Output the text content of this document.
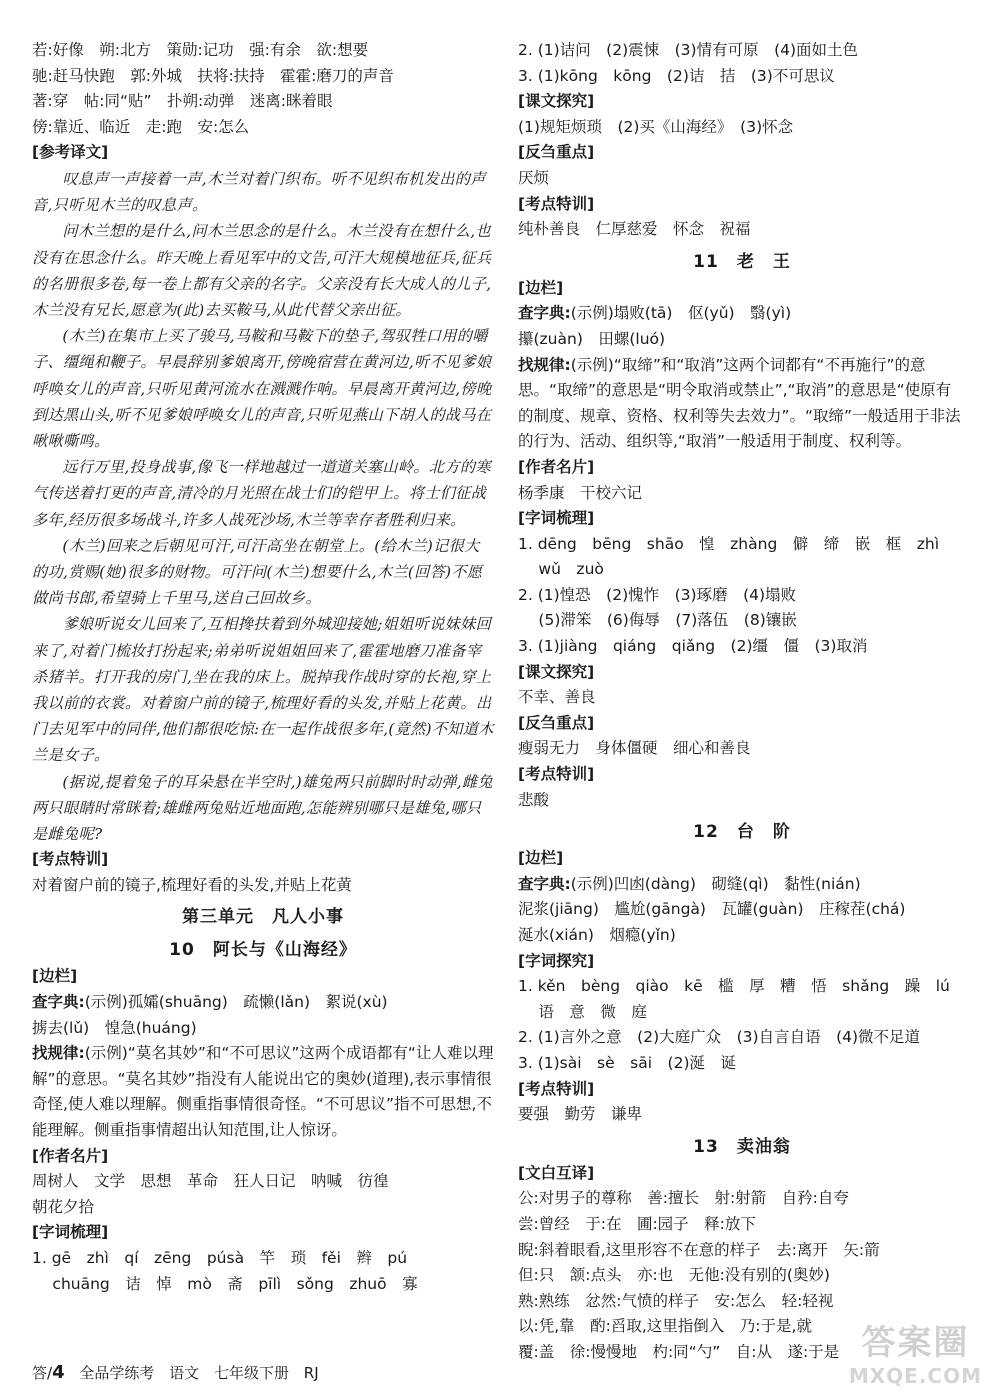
若:好像　朔:北方　策勋:记功　强:有余　欲:想要
驰:赶马快跑　郭:外城　扶将:扶持　霍霍:磨刀的声音
著:穿　帖:同“贴”　扑朔:动弹　迷离:眯着眼
傍:靠近、临近　走:跑　安:怎么
[参考译文]
叹息声一声接着一声,木兰对着门织布。听不见织布机发出的声音,只听见木兰的叹息声。
问木兰想的是什么,问木兰思念的是什么。木兰没有在想什么,也没有在思念什么。昨天晚上看见军中的文告,可汗大规模地征兵,征兵的名册很多卷,每一卷上都有父亲的名字。父亲没有长大成人的儿子,木兰没有兄长,愿意为(此)去买鞍马,从此代替父亲出征。
(木兰)在集市上买了骏马,马鞍和马鞍下的垫子,驾驭牲口用的嚼子、缰绳和鞭子。早晨辞别爹娘离开,傍晚宿营在黄河边,听不见爹娘呼唤女儿的声音,只听见黄河流水在溅溅作响。早晨离开黄河边,傍晚到达黑山头,听不见爹娘呼唤女儿的声音,只听见燕山下胡人的战马在啾啾嘶鸣。
远行万里,投身战事,像飞一样地越过一道道关塞山岭。北方的寒气传送着打更的声音,清冷的月光照在战士们的铠甲上。将士们征战多年,经历很多场战斗,许多人战死沙场,木兰等幸存者胜利归来。
(木兰)回来之后朝见可汗,可汗高坐在朝堂上。(给木兰)记很大的功,赏赐(她)很多的财物。可汗问(木兰)想要什么,木兰(回答)不愿做尚书郎,希望骑上千里马,送自己回故乡。
爹娘听说女儿回来了,互相搀扶着到外城迎接她;姐姐听说妹妹回来了,对着门梳妆打扮起来;弟弟听说姐姐回来了,霍霍地磨刀准备宰杀猪羊。打开我的房门,坐在我的床上。脱掉我作战时穿的长袍,穿上我以前的衣裳。对着窗户前的镜子,梳理好看的头发,并贴上花黄。出门去见军中的同伴,他们都很吃惊:在一起作战很多年,(竟然)不知道木兰是女子。
(据说,提着兔子的耳朵悬在半空时,)雄兔两只前脚时时动弹,雌兔两只眼睛时常眯着;雄雌两兔贴近地面跑,怎能辨别哪只是雄兔,哪只是雌兔呢?
[考点特训]
对着窗户前的镜子,梳理好看的头发,并贴上花黄
第三单元　凡人小事
10　阿长与《山海经》
[边栏]
查字典:(示例)孤孀(shuāng)　疏懒(lǎn)　絮说(xù)
掳去(lǔ)　惶急(huáng)
找规律:(示例)“莫名其妙”和“不可思议”这两个成语都有“让人难以理解”的意思。“莫名其妙”指没有人能说出它的奥妙(道理),表示事情很奇怪,使人难以理解。侧重指事情很奇怪。“不可思议”指不可思想,不能理解。侧重指事情超出认知范围,让人惊讶。
[作者名片]
周树人　文学　思想　革命　狂人日记　呐喊　彷徨
朝花夕拾
[字词梳理]
1. gē　zhì　qí　zēng　púsà　竿　琐　fěi　辫　pú
　 chuāng　诘　悼　mò　斋　pīlì　sǒng　zhuō　寡
2. (1)诘问　(2)震悚　(3)情有可原　(4)面如土色
3. (1)kōng　kōng　(2)诘　拮　(3)不可思议
[课文探究]
(1)规矩烦琐　(2)买《山海经》　(3)怀念
[反刍重点]
厌烦
[考点特训]
纯朴善良　仁厚慈爱　怀念　祝福
11　老　王
[边栏]
查字典:(示例)塌败(tā)　伛(yǔ)　翳(yì)
攥(zuàn)　田螺(luó)
找规律:(示例)“取缔”和“取消”这两个词都有“不再施行”的意思。“取缔”的意思是“明令取消或禁止”,“取消”的意思是“使原有的制度、规章、资格、权利等失去效力”。“取缔”一般适用于非法的行为、活动、组织等,“取消”一般适用于制度、权利等。
[作者名片]
杨季康　干校六记
[字词梳理]
1. dēng　bēng　shāo　惶　zhàng　僻　缔　嵌　框　zhì
　 wǔ　zuò
2. (1)惶恐　(2)愧怍　(3)琢磨　(4)塌败
　 (5)滞笨　(6)侮辱　(7)落伍　(8)镶嵌
3. (1)jiàng　qiáng　qiǎng　(2)缰　僵　(3)取消
[课文探究]
不幸、善良
[反刍重点]
瘦弱无力　身体僵硬　细心和善良
[考点特训]
悲酸
12　台　阶
[边栏]
查字典:(示例)凹凼(dàng)　砌缝(qì)　黏性(nián)
泥浆(jiāng)　尴尬(gāngà)　瓦罐(guàn)　庄稼茬(chá)
涎水(xián)　烟瘾(yǐn)
[字词探究]
1. kěn　bèng　qiào　kē　槛　厚　糟　悟　shǎng　躁　lú
　 语　意　微　庭
2. (1)言外之意　(2)大庭广众　(3)自言自语　(4)微不足道
3. (1)sài　sè　sāi　(2)涎　诞
[考点特训]
要强　勤劳　谦卑
13　卖油翁
[文白互译]
公:对男子的尊称　善:擅长　射:射箭　自矜:自夸
尝:曾经　于:在　圃:园子　释:放下
睨:斜着眼看,这里形容不在意的样子　去:离开　矢:箭
但:只　颔:点头　亦:也　无他:没有别的(奥妙)
熟:熟练　忿然:气愤的样子　安:怎么　轻:轻视
以:凭,靠　酌:舀取,这里指倒入　乃:于是,就
覆:盖　徐:慢慢地　杓:同“勺”　自:从　遂:于是
答/4 全品学练考 语文 七年级下册 RJ
答案圈
MXQE.COM
